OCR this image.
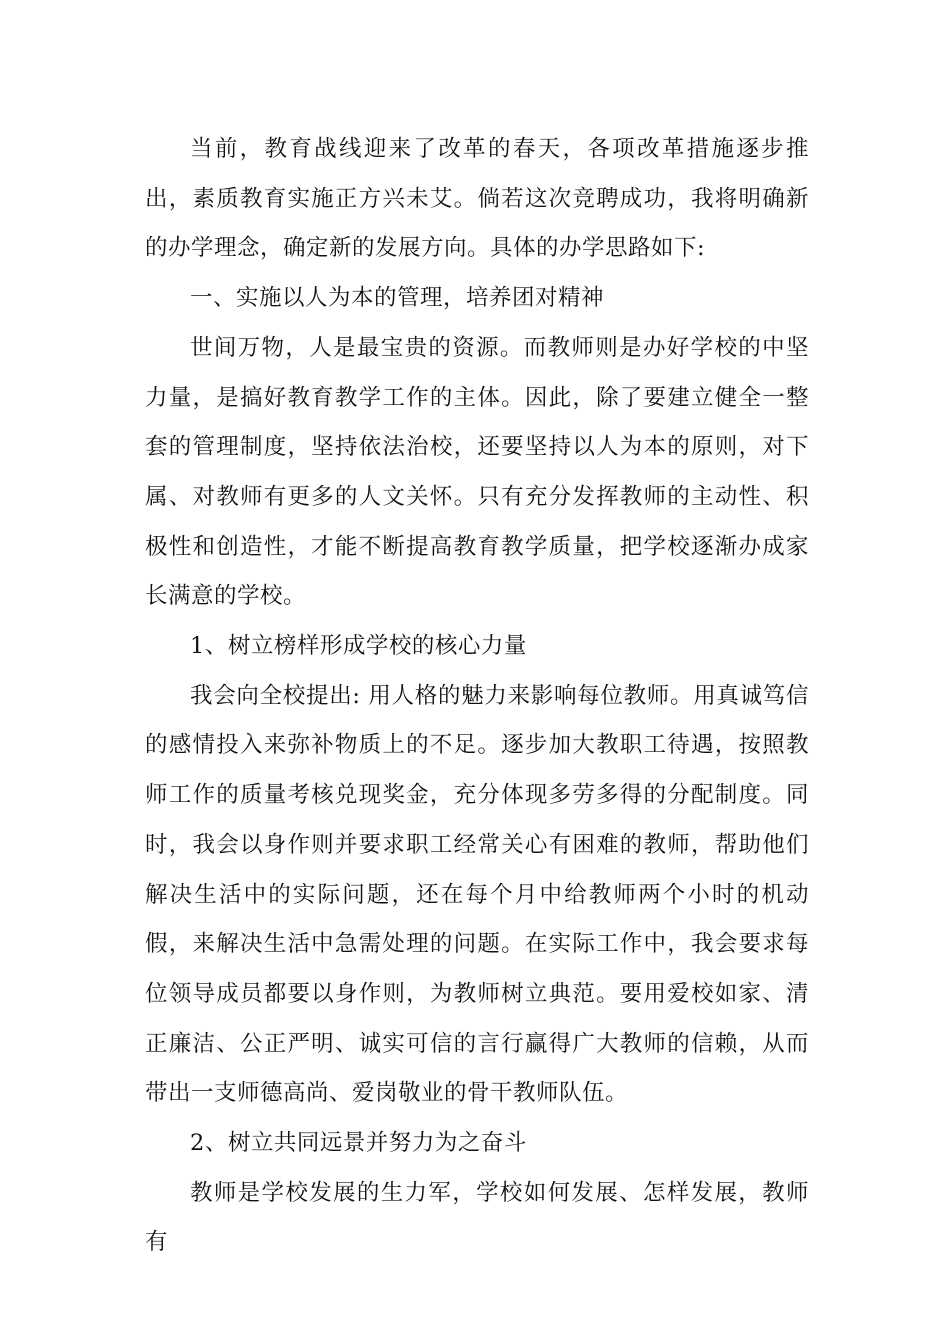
当前，教育战线迎来了改革的春天，各项改革措施逐步推出，素质教育实施正方兴未艾。倘若这次竞聘成功，我将明确新的办学理念，确定新的发展方向。具体的办学思路如下:

一、实施以人为本的管理，培养团对精神

世间万物，人是最宝贵的资源。而教师则是办好学校的中坚力量，是搞好教育教学工作的主体。因此，除了要建立健全一整套的管理制度，坚持依法治校，还要坚持以人为本的原则，对下属、对教师有更多的人文关怀。只有充分发挥教师的主动性、积极性和创造性，才能不断提高教育教学质量，把学校逐渐办成家长满意的学校。

1、树立榜样形成学校的核心力量

我会向全校提出: 用人格的魅力来影响每位教师。用真诚笃信的感情投入来弥补物质上的不足。逐步加大教职工待遇，按照教师工作的质量考核兑现奖金，充分体现多劳多得的分配制度。同时，我会以身作则并要求职工经常关心有困难的教师，帮助他们解决生活中的实际问题，还在每个月中给教师两个小时的机动假，来解决生活中急需处理的问题。在实际工作中，我会要求每位领导成员都要以身作则，为教师树立典范。要用爱校如家、清正廉洁、公正严明、诚实可信的言行赢得广大教师的信赖，从而带出一支师德高尚、爱岗敬业的骨干教师队伍。

2、树立共同远景并努力为之奋斗

教师是学校发展的生力军，学校如何发展、怎样发展，教师有
